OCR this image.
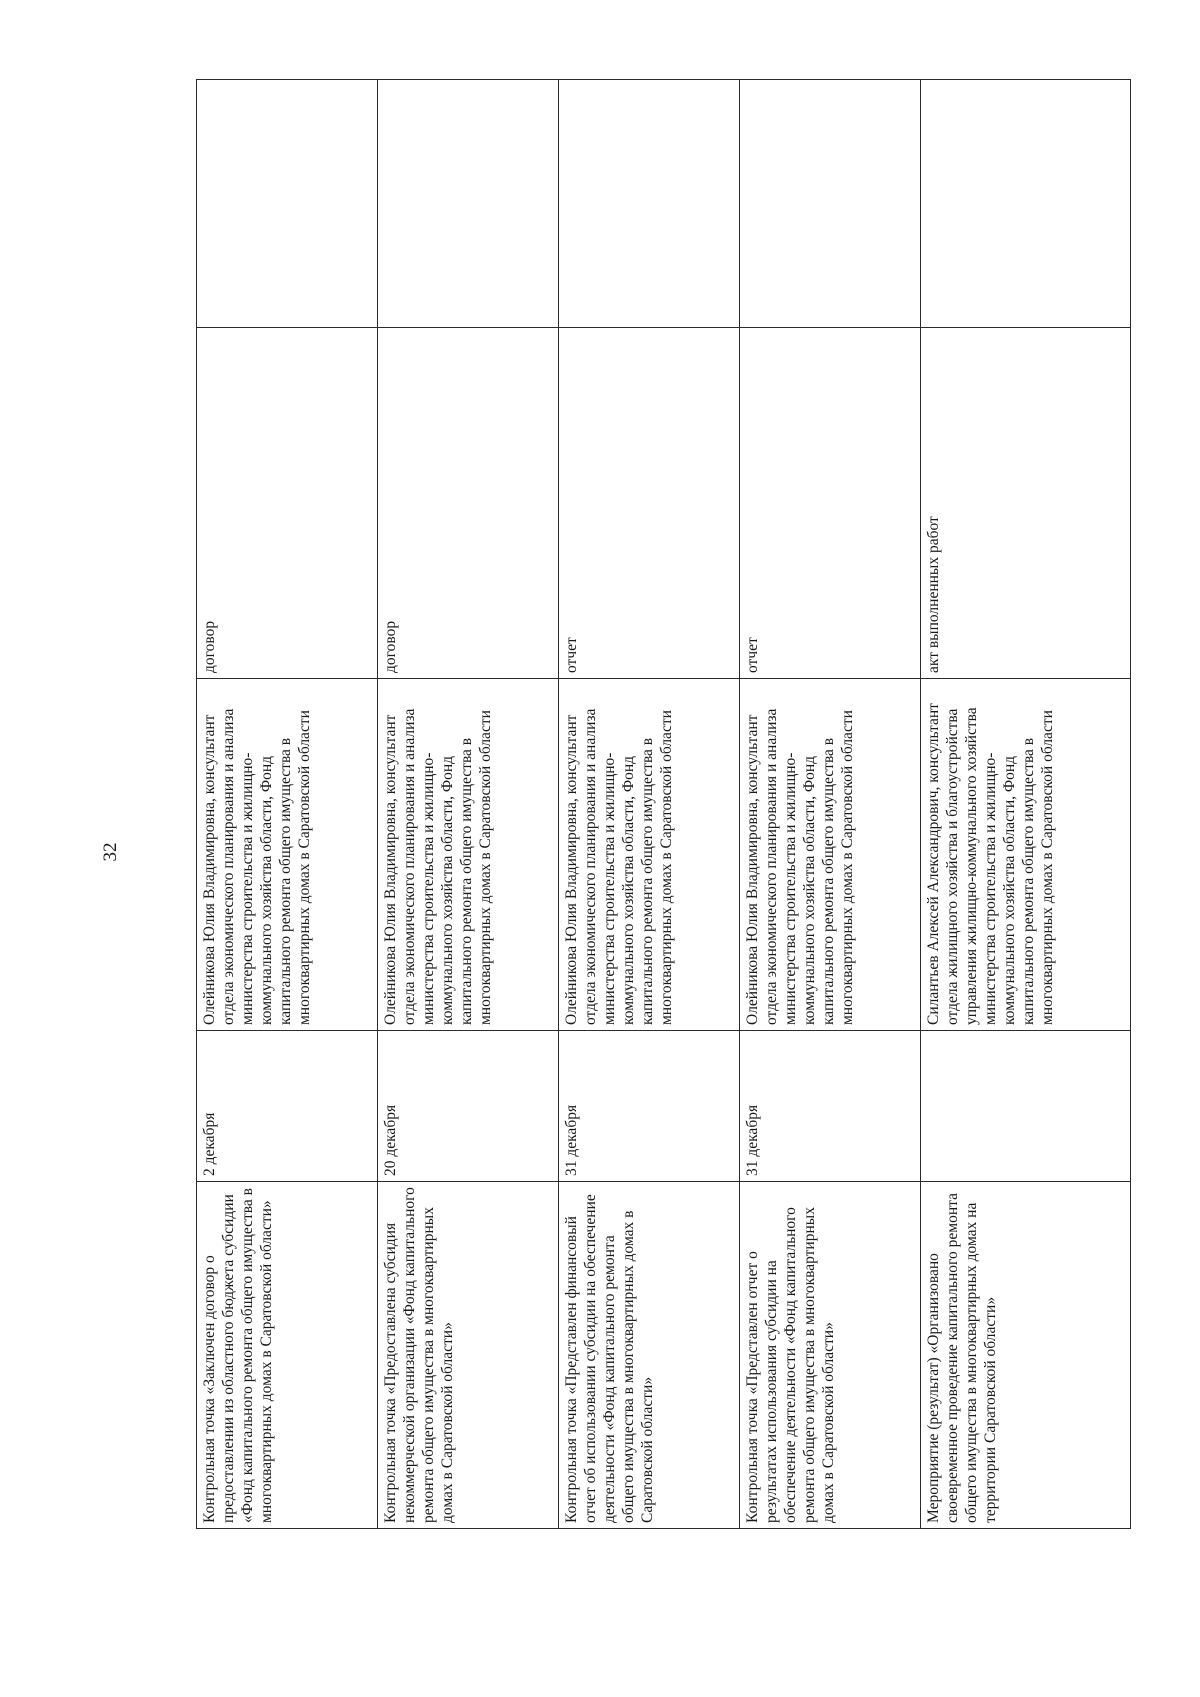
32
Контрольная точка «Заключен договор о предоставлении из областного бюджета субсидии «Фонд капитального ремонта общего имущества в многоквартирных домах в Саратовской области»	2 декабря	Олейникова Юлия Владимировна, консультант отдела экономического планирования и анализа министерства строительства и жилищно-коммунального хозяйства области, Фонд капитального ремонта общего имущества в многоквартирных домах в Саратовской области	договор	
Контрольная точка «Предоставлена субсидия некоммерческой организации «Фонд капитального ремонта общего имущества в многоквартирных домах в Саратовской области»	20 декабря	Олейникова Юлия Владимировна, консультант отдела экономического планирования и анализа министерства строительства и жилищно-коммунального хозяйства области, Фонд капитального ремонта общего имущества в многоквартирных домах в Саратовской области	договор	
Контрольная точка «Представлен финансовый отчет об использовании субсидии на обеспечение деятельности «Фонд капитального ремонта общего имущества в многоквартирных домах в Саратовской области»	31 декабря	Олейникова Юлия Владимировна, консультант отдела экономического планирования и анализа министерства строительства и жилищно-коммунального хозяйства области, Фонд капитального ремонта общего имущества в многоквартирных домах в Саратовской области	отчет	
Контрольная точка «Представлен отчет о результатах использования субсидии на обеспечение деятельности «Фонд капитального ремонта общего имущества в многоквартирных домах в Саратовской области»	31 декабря	Олейникова Юлия Владимировна, консультант отдела экономического планирования и анализа министерства строительства и жилищно-коммунального хозяйства области, Фонд капитального ремонта общего имущества в многоквартирных домах в Саратовской области	отчет	
Мероприятие (результат) «Организовано своевременное проведение капитального ремонта общего имущества в многоквартирных домах на территории Саратовской области»		Силантьев Алексей Александрович, консультант отдела жилищного хозяйства и благоустройства управления жилищно-коммунального хозяйства министерства строительства и жилищно-коммунального хозяйства области, Фонд капитального ремонта общего имущества в многоквартирных домах в Саратовской области	акт выполненных работ	
